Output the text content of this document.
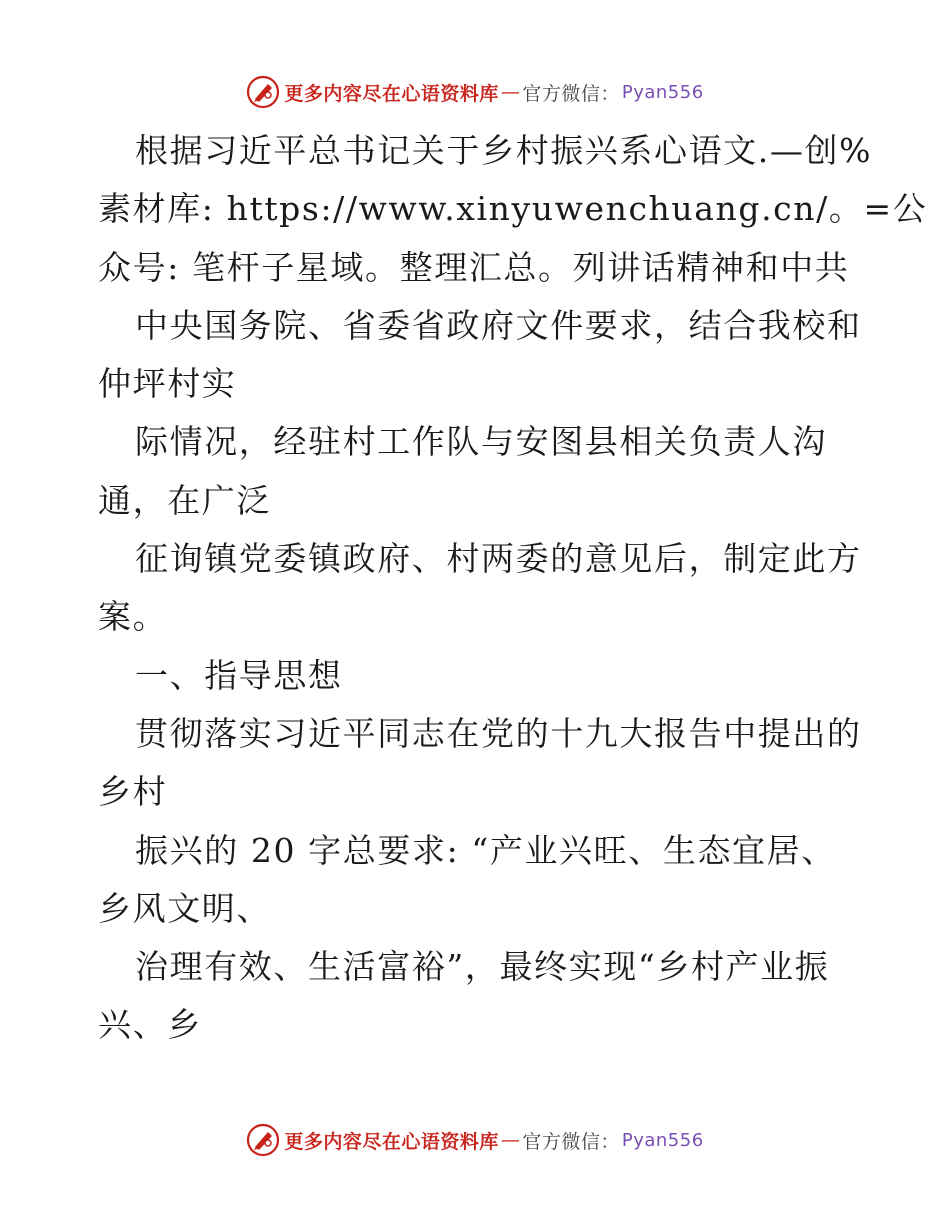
更多内容尽在心语资料库 — 官方微信： Pyan556
根据习近平总书记关于乡村振兴系心语文.—创%
素材库: https://www.xinyuwenchuang.cn/。=公
众号: 笔杆子星域。整理汇总。列讲话精神和中共
中央国务院、省委省政府文件要求，结合我校和
仲坪村实
际情况，经驻村工作队与安图县相关负责人沟
通，在广泛
征询镇党委镇政府、村两委的意见后，制定此方
案。
一、指导思想
贯彻落实习近平同志在党的十九大报告中提出的
乡村
振兴的 20 字总要求: “产业兴旺、生态宜居、
乡风文明、
治理有效、生活富裕”，最终实现“乡村产业振
兴、乡
更多内容尽在心语资料库 — 官方微信： Pyan556
